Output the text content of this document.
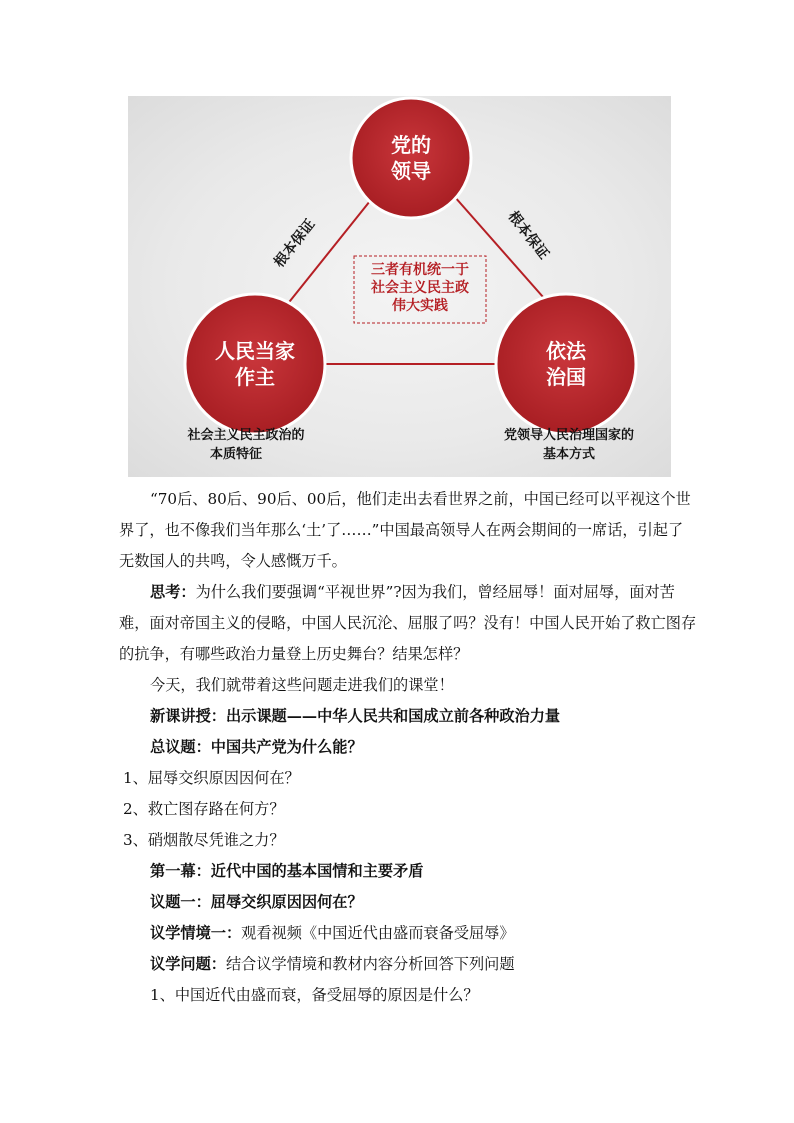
党的
领导
人民当家
作主
依法
治国
根本保证	根本保证
三者有机统一于
社会主义民主政
伟大实践
社会主义民主政治的
本质特征
党领导人民治理国家的
基本方式

“70后、80后、90后、00后，他们走出去看世界之前，中国已经可以平视这个世界了，也不像我们当年那么‘土’了……”中国最高领导人在两会期间的一席话，引起了无数国人的共鸣，令人感慨万千。

思考：为什么我们要强调“平视世界”?因为我们，曾经屈辱！面对屈辱，面对苦难，面对帝国主义的侵略，中国人民沉沦、屈服了吗？没有！中国人民开始了救亡图存的抗争，有哪些政治力量登上历史舞台？结果怎样？

今天，我们就带着这些问题走进我们的课堂！

新课讲授：出示课题——中华人民共和国成立前各种政治力量

总议题：中国共产党为什么能？

1、屈辱交织原因因何在？

2、救亡图存路在何方？

3、硝烟散尽凭谁之力？

第一幕：近代中国的基本国情和主要矛盾

议题一：屈辱交织原因因何在？

议学情境一：观看视频《中国近代由盛而衰备受屈辱》

议学问题：结合议学情境和教材内容分析回答下列问题

1、中国近代由盛而衰，备受屈辱的原因是什么？
